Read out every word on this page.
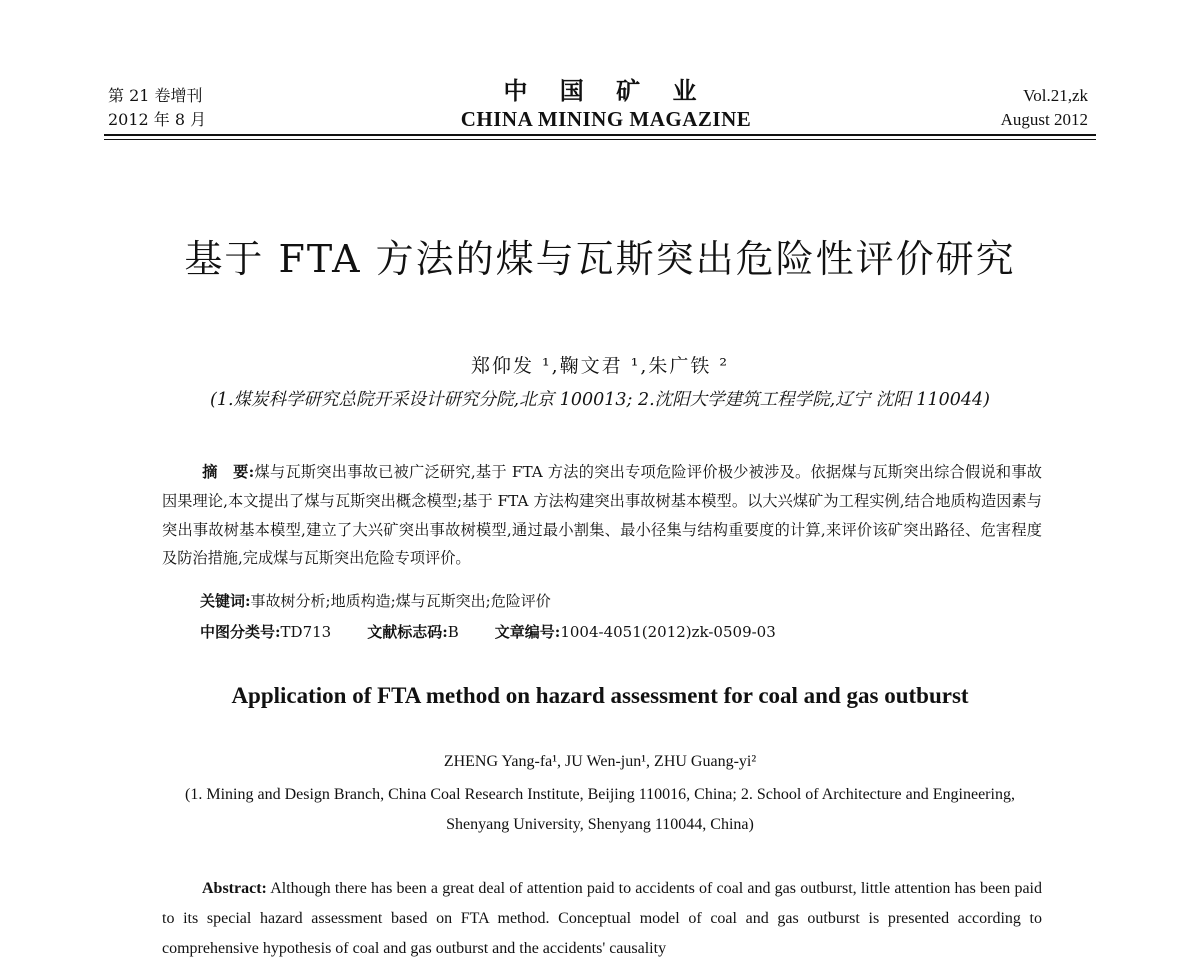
第 21 卷增刊
2012 年 8 月
中 国 矿 业
CHINA MINING MAGAZINE
Vol.21,zk
August 2012
基于 FTA 方法的煤与瓦斯突出危险性评价研究
郑仰发 ¹,鞠文君 ¹,朱广铁 ²
(1.煤炭科学研究总院开采设计研究分院,北京 100013; 2.沈阳大学建筑工程学院,辽宁 沈阳 110044)
摘　要:煤与瓦斯突出事故已被广泛研究,基于 FTA 方法的突出专项危险评价极少被涉及。依据煤与瓦斯突出综合假说和事故因果理论,本文提出了煤与瓦斯突出概念模型;基于 FTA 方法构建突出事故树基本模型。以大兴煤矿为工程实例,结合地质构造因素与突出事故树基本模型,建立了大兴矿突出事故树模型,通过最小割集、最小径集与结构重要度的计算,来评价该矿突出路径、危害程度及防治措施,完成煤与瓦斯突出危险专项评价。
关键词:事故树分析;地质构造;煤与瓦斯突出;危险评价
中图分类号:TD713 文献标志码:B 文章编号:1004-4051(2012)zk-0509-03
Application of FTA method on hazard assessment for coal and gas outburst
ZHENG Yang-fa¹, JU Wen-jun¹, ZHU Guang-yi²
(1. Mining and Design Branch, China Coal Research Institute, Beijing 110016, China; 2. School of Architecture and Engineering, Shenyang University, Shenyang 110044, China)
Abstract: Although there has been a great deal of attention paid to accidents of coal and gas outburst, little attention has been paid to its special hazard assessment based on FTA method. Conceptual model of coal and gas outburst is presented according to comprehensive hypothesis of coal and gas outburst and the accidents' causality
